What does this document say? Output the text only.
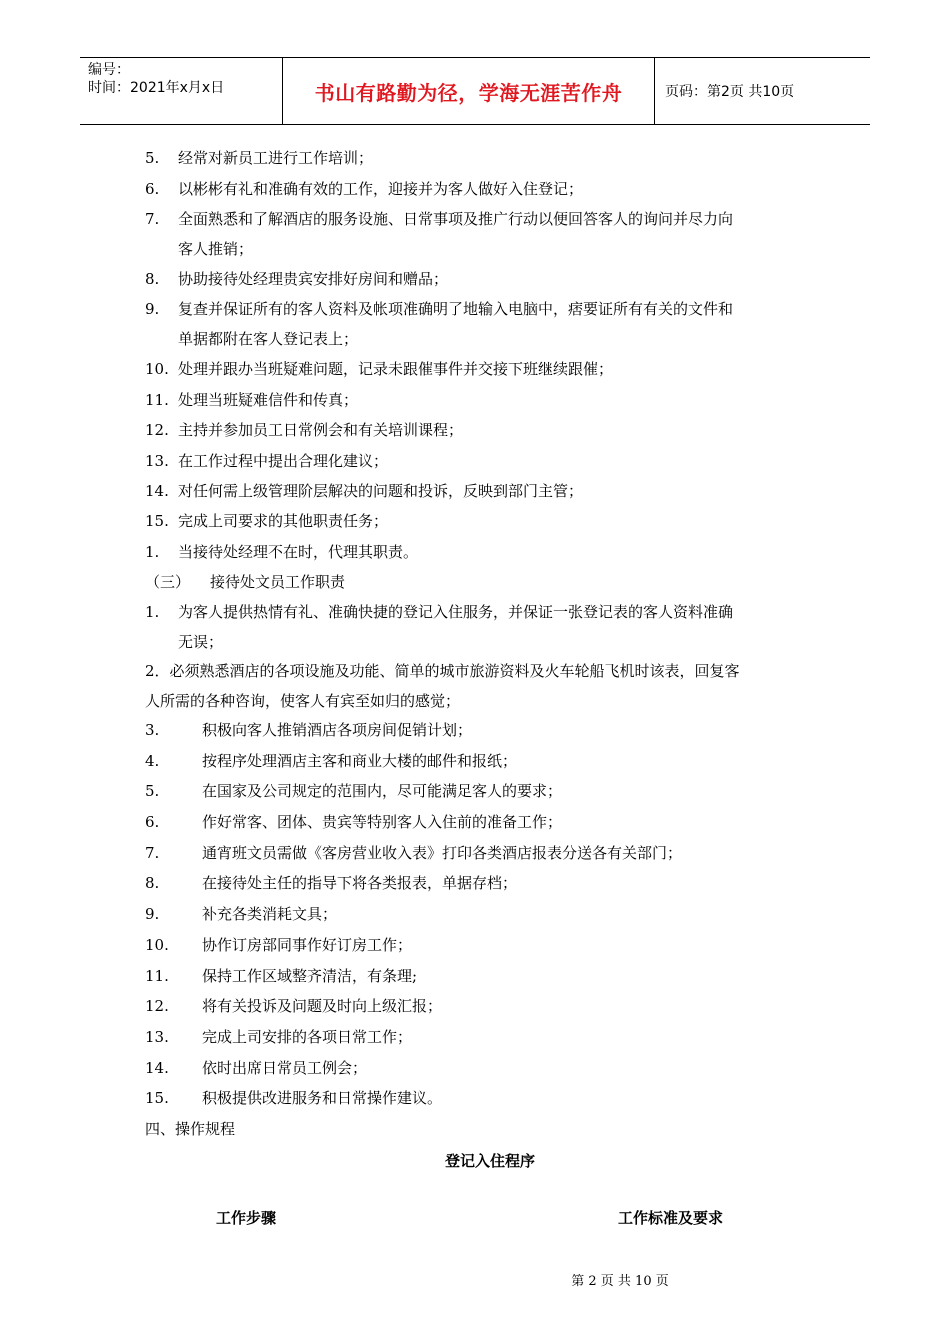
编号：
时间：2021年x月x日	书山有路勤为径，学海无涯苦作舟	页码：第2页 共10页
5. 经常对新员工进行工作培训；
6. 以彬彬有礼和准确有效的工作，迎接并为客人做好入住登记；
7. 全面熟悉和了解酒店的服务设施、日常事项及推广行动以便回答客人的询问并尽力向
客人推销；
8. 协助接待处经理贵宾安排好房间和赠品；
9. 复查并保证所有的客人资料及帐项准确明了地输入电脑中，痞要证所有有关的文件和
单据都附在客人登记表上；
10. 处理并跟办当班疑难问题，记录未跟催事件并交接下班继续跟催；
11. 处理当班疑难信件和传真；
12. 主持并参加员工日常例会和有关培训课程；
13. 在工作过程中提出合理化建议；
14. 对任何需上级管理阶层解决的问题和投诉，反映到部门主管；
15. 完成上司要求的其他职责任务；
1. 当接待处经理不在时，代理其职责。
（三） 接待处文员工作职责
1. 为客人提供热情有礼、准确快捷的登记入住服务，并保证一张登记表的客人资料准确
无误；
2．必须熟悉酒店的各项设施及功能、简单的城市旅游资料及火车轮船飞机时该表，回复客
人所需的各种咨询，使客人有宾至如归的感觉；
3.	积极向客人推销酒店各项房间促销计划；
4.	按程序处理酒店主客和商业大楼的邮件和报纸；
5.	在国家及公司规定的范围内，尽可能满足客人的要求；
6.	作好常客、团体、贵宾等特别客人入住前的准备工作；
7.	通宵班文员需做《客房营业收入表》打印各类酒店报表分送各有关部门；
8.	在接待处主任的指导下将各类报表，单据存档；
9.	补充各类消耗文具；
10. 协作订房部同事作好订房工作；
11. 保持工作区域整齐清洁，有条理;
12. 将有关投诉及问题及时向上级汇报；
13. 完成上司安排的各项日常工作；
14. 依时出席日常员工例会；
15. 积极提供改进服务和日常操作建议。
四、操作规程
登记入住程序
工作步骤	工作标准及要求
第 2 页 共 10 页
